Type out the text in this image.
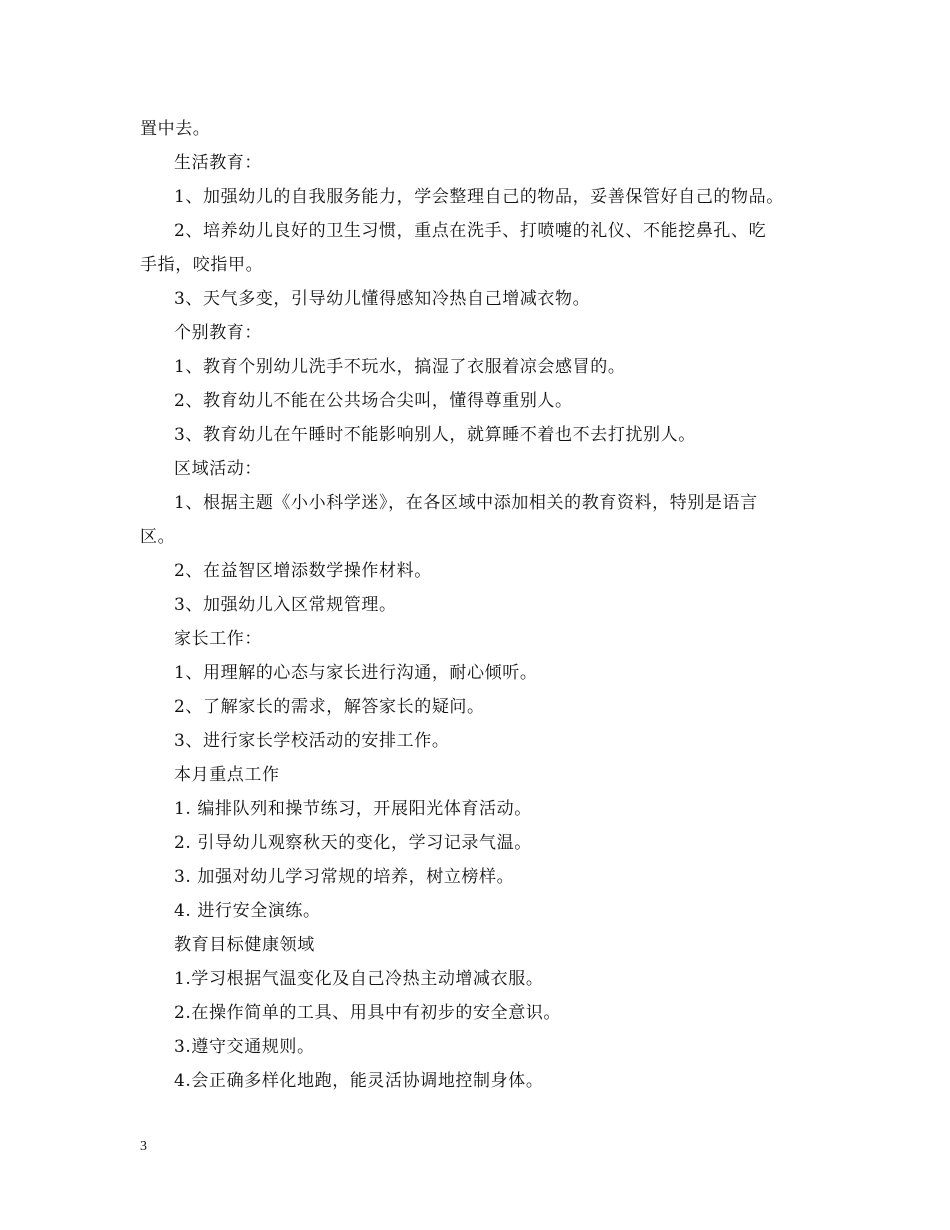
置中去。
生活教育：
1、加强幼儿的自我服务能力，学会整理自己的物品，妥善保管好自己的物品。
2、培养幼儿良好的卫生习惯，重点在洗手、打喷嚏的礼仪、不能挖鼻孔、吃
手指，咬指甲。
3、天气多变，引导幼儿懂得感知冷热自己增减衣物。
个别教育：
1、教育个别幼儿洗手不玩水，搞湿了衣服着凉会感冒的。
2、教育幼儿不能在公共场合尖叫，懂得尊重别人。
3、教育幼儿在午睡时不能影响别人，就算睡不着也不去打扰别人。
区域活动：
1、根据主题《小小科学迷》，在各区域中添加相关的教育资料，特别是语言
区。
2、在益智区增添数学操作材料。
3、加强幼儿入区常规管理。
家长工作：
1、用理解的心态与家长进行沟通，耐心倾听。
2、了解家长的需求，解答家长的疑问。
3、进行家长学校活动的安排工作。
本月重点工作
1. 编排队列和操节练习，开展阳光体育活动。
2. 引导幼儿观察秋天的变化，学习记录气温。
3. 加强对幼儿学习常规的培养，树立榜样。
4. 进行安全演练。
教育目标健康领域
1.学习根据气温变化及自己冷热主动增减衣服。
2.在操作简单的工具、用具中有初步的安全意识。
3.遵守交通规则。
4.会正确多样化地跑，能灵活协调地控制身体。
3
